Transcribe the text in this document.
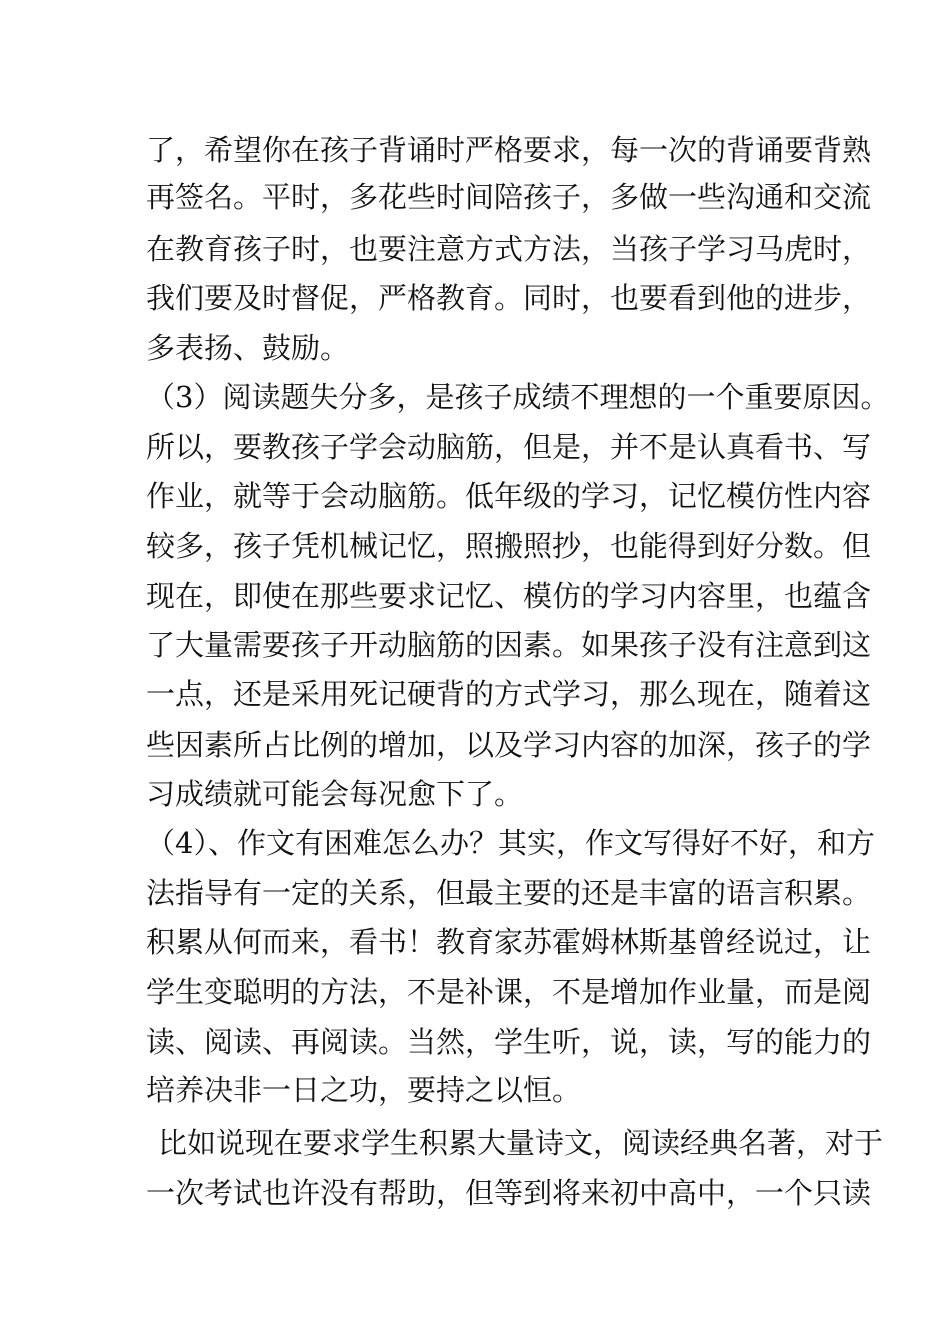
了，希望你在孩子背诵时严格要求，每一次的背诵要背熟
再签名。平时，多花些时间陪孩子，多做一些沟通和交流
在教育孩子时，也要注意方式方法，当孩子学习马虎时，
我们要及时督促，严格教育。同时，也要看到他的进步，
多表扬、鼓励。
（3）阅读题失分多，是孩子成绩不理想的一个重要原因。
所以，要教孩子学会动脑筋，但是，并不是认真看书、写
作业，就等于会动脑筋。低年级的学习，记忆模仿性内容
较多，孩子凭机械记忆，照搬照抄，也能得到好分数。但
现在，即使在那些要求记忆、模仿的学习内容里，也蕴含
了大量需要孩子开动脑筋的因素。如果孩子没有注意到这
一点，还是采用死记硬背的方式学习，那么现在，随着这
些因素所占比例的增加，以及学习内容的加深，孩子的学
习成绩就可能会每况愈下了。
（4）、作文有困难怎么办？其实，作文写得好不好，和方
法指导有一定的关系，但最主要的还是丰富的语言积累。
积累从何而来，看书！教育家苏霍姆林斯基曾经说过，让
学生变聪明的方法，不是补课，不是增加作业量，而是阅
读、阅读、再阅读。当然，学生听，说，读，写的能力的
培养决非一日之功，要持之以恒。
比如说现在要求学生积累大量诗文，阅读经典名著，对于
一次考试也许没有帮助，但等到将来初中高中，一个只读
